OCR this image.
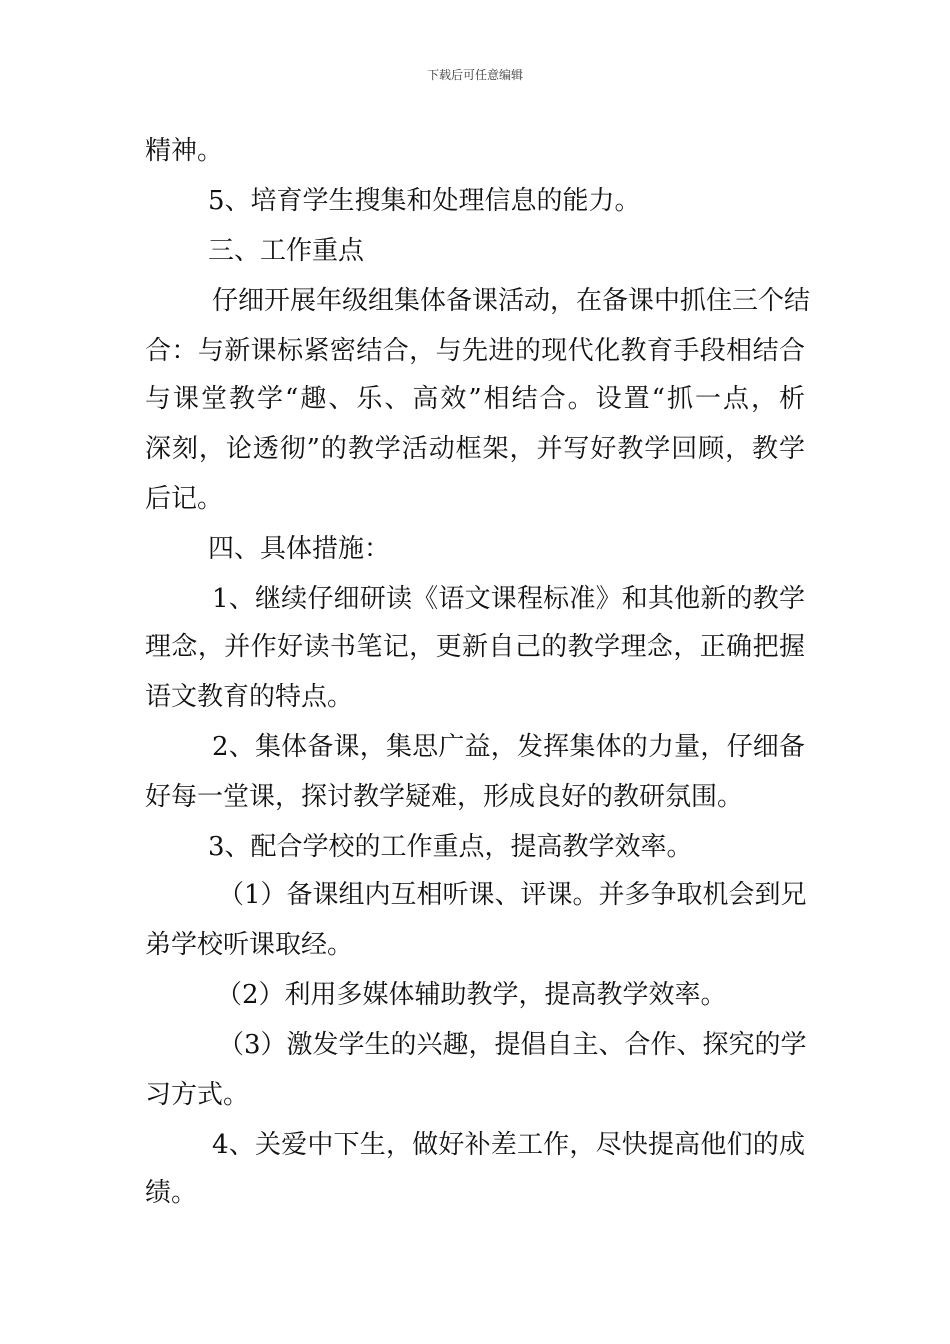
下载后可任意编辑
精神。
5、培育学生搜集和处理信息的能力。
三、工作重点
仔细开展年级组集体备课活动，在备课中抓住三个结
合：与新课标紧密结合，与先进的现代化教育手段相结合
与课堂教学“趣、乐、高效”相结合。设置“抓一点，析
深刻，论透彻”的教学活动框架，并写好教学回顾，教学
后记。
四、具体措施：
1、继续仔细研读《语文课程标准》和其他新的教学
理念，并作好读书笔记，更新自己的教学理念，正确把握
语文教育的特点。
2、集体备课，集思广益，发挥集体的力量，仔细备
好每一堂课，探讨教学疑难，形成良好的教研氛围。
3、配合学校的工作重点，提高教学效率。
（1）备课组内互相听课、评课。并多争取机会到兄
弟学校听课取经。
（2）利用多媒体辅助教学，提高教学效率。
（3）激发学生的兴趣，提倡自主、合作、探究的学
习方式。
4、关爱中下生，做好补差工作，尽快提高他们的成
绩。
